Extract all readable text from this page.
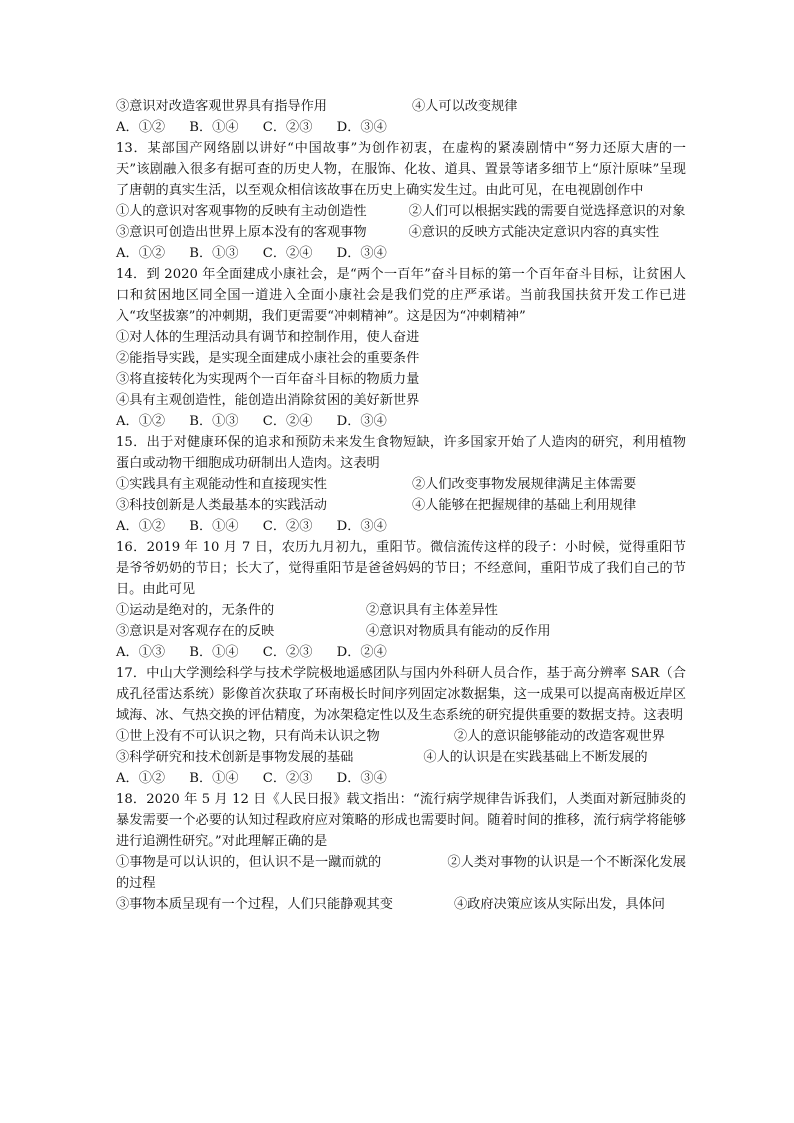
③意识对改造客观世界具有指导作用	④人可以改变规律
A．①② B．①④ C．②③ D．③④
13．某部国产网络剧以讲好“中国故事”为创作初衷，在虚构的紧凑剧情中“努力还原大唐的一天”该剧融入很多有据可查的历史人物，在服饰、化妆、道具、置景等诸多细节上“原汁原味”呈现了唐朝的真实生活，以至观众相信该故事在历史上确实发生过。由此可见，在电视剧创作中
①人的意识对客观事物的反映有主动创造性	②人们可以根据实践的需要自觉选择意识的对象
③意识可创造出世界上原本没有的客观事物	④意识的反映方式能决定意识内容的真实性
A．①② B．①③ C．②④ D．③④
14．到 2020 年全面建成小康社会，是“两个一百年”奋斗目标的第一个百年奋斗目标，让贫困人口和贫困地区同全国一道进入全面小康社会是我们党的庄严承诺。当前我国扶贫开发工作已进入“攻坚拔寨”的冲刺期，我们更需要“冲刺精神”。这是因为“冲刺精神”
①对人体的生理活动具有调节和控制作用，使人奋进
②能指导实践，是实现全面建成小康社会的重要条件
③将直接转化为实现两个一百年奋斗目标的物质力量
④具有主观创造性，能创造出消除贫困的美好新世界
A．①② B．①③ C．②④ D．③④
15．出于对健康环保的追求和预防未来发生食物短缺，许多国家开始了人造肉的研究，利用植物蛋白或动物干细胞成功研制出人造肉。这表明
①实践具有主观能动性和直接现实性	②人们改变事物发展规律满足主体需要
③科技创新是人类最基本的实践活动	④人能够在把握规律的基础上利用规律
A．①② B．①④ C．②③ D．③④
16．2019 年 10 月 7 日，农历九月初九，重阳节。微信流传这样的段子：小时候，觉得重阳节是爷爷奶奶的节日；长大了，觉得重阳节是爸爸妈妈的节日；不经意间，重阳节成了我们自己的节日。由此可见
①运动是绝对的，无条件的	②意识具有主体差异性
③意识是对客观存在的反映	④意识对物质具有能动的反作用
A．①③ B．①④ C．②③ D．②④
17．中山大学测绘科学与技术学院极地遥感团队与国内外科研人员合作，基于高分辨率 SAR（合成孔径雷达系统）影像首次获取了环南极长时间序列固定冰数据集，这一成果可以提高南极近岸区域海、冰、气热交换的评估精度，为冰架稳定性以及生态系统的研究提供重要的数据支持。这表明
①世上没有不可认识之物，只有尚未认识之物	②人的意识能够能动的改造客观世界
③科学研究和技术创新是事物发展的基础	④人的认识是在实践基础上不断发展的
A．①② B．①④ C．②③ D．③④
18．2020 年 5 月 12 日《人民日报》载文指出：“流行病学规律告诉我们，人类面对新冠肺炎的暴发需要一个必要的认知过程政府应对策略的形成也需要时间。随着时间的推移，流行病学将能够进行追溯性研究。”对此理解正确的是
①事物是可以认识的，但认识不是一蹴而就的	②人类对事物的认识是一个不断深化发展的过程
③事物本质呈现有一个过程，人们只能静观其变	④政府决策应该从实际出发，具体问
